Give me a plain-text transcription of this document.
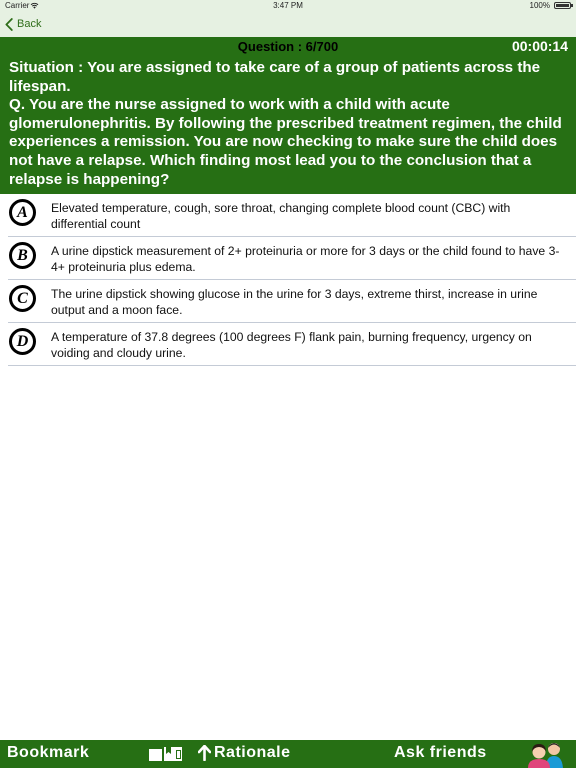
Carrier	3:47 PM	100%
Back
Question : 6/700	00:00:14

Situation : You are assigned to take care of a group of patients across the lifespan.

Q. You are the nurse assigned to work with a child with acute glomerulonephritis. By following the prescribed treatment regimen, the child experiences a remission. You are now checking to make sure the child does not have a relapse. Which finding most lead you to the conclusion that a relapse is happening?

A	Elevated temperature, cough, sore throat, changing complete blood count (CBC) with differential count
B	A urine dipstick measurement of 2+ proteinuria or more for 3 days or the child found to have 3-4+ proteinuria plus edema.
C	The urine dipstick showing glucose in the urine for 3 days, extreme thirst, increase in urine output and a moon face.
D	A temperature of 37.8 degrees (100 degrees F) flank pain, burning frequency, urgency on voiding and cloudy urine.
Bookmark	Rationale	Ask friends
